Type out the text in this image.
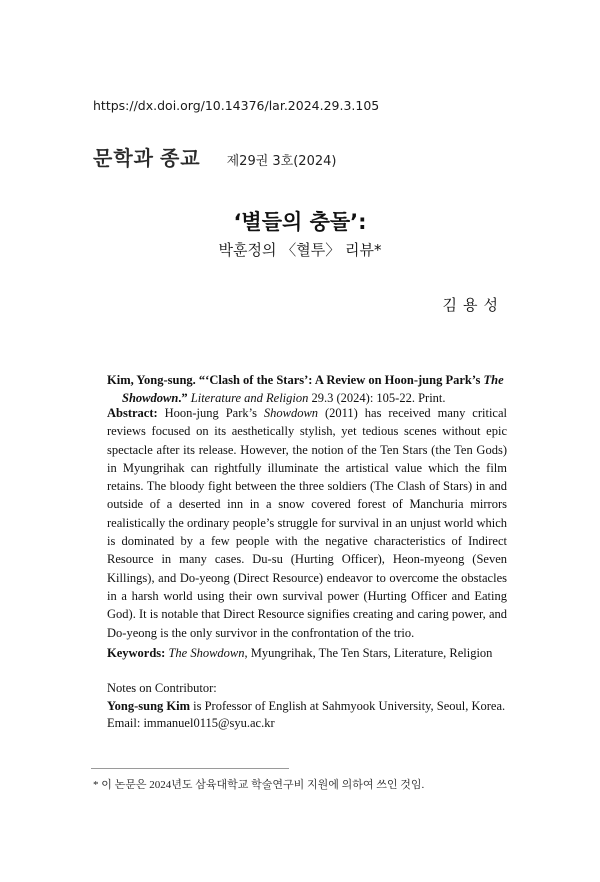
https://dx.doi.org/10.14376/lar.2024.29.3.105
문학과 종교 제29권 3호(2024)
‘별들의 충돌’:
박훈정의 〈혈투〉 리뷰*
김용성
Kim, Yong-sung. “‘Clash of the Stars’: A Review on Hoon-jung Park’s The
Showdown.” Literature and Religion 29.3 (2024): 105-22. Print.
Abstract: Hoon-jung Park’s Showdown (2011) has received many critical reviews focused on its aesthetically stylish, yet tedious scenes without epic spectacle after its release. However, the notion of the Ten Stars (the Ten Gods) in Myungrihak can rightfully illuminate the artistical value which the film retains. The bloody fight between the three soldiers (The Clash of Stars) in and outside of a deserted inn in a snow covered forest of Manchuria mirrors realistically the ordinary people’s struggle for survival in an unjust world which is dominated by a few people with the negative characteristics of Indirect Resource in many cases. Du-su (Hurting Officer), Heon-myeong (Seven Killings), and Do-yeong (Direct Resource) endeavor to overcome the obstacles in a harsh world using their own survival power (Hurting Officer and Eating God). It is notable that Direct Resource signifies creating and caring power, and Do-yeong is the only survivor in the confrontation of the trio.
Keywords: The Showdown, Myungrihak, The Ten Stars, Literature, Religion
Notes on Contributor:
Yong-sung Kim is Professor of English at Sahmyook University, Seoul, Korea.
Email: immanuel0115@syu.ac.kr
* 이 논문은 2024년도 삼육대학교 학술연구비 지원에 의하여 쓰인 것임.
